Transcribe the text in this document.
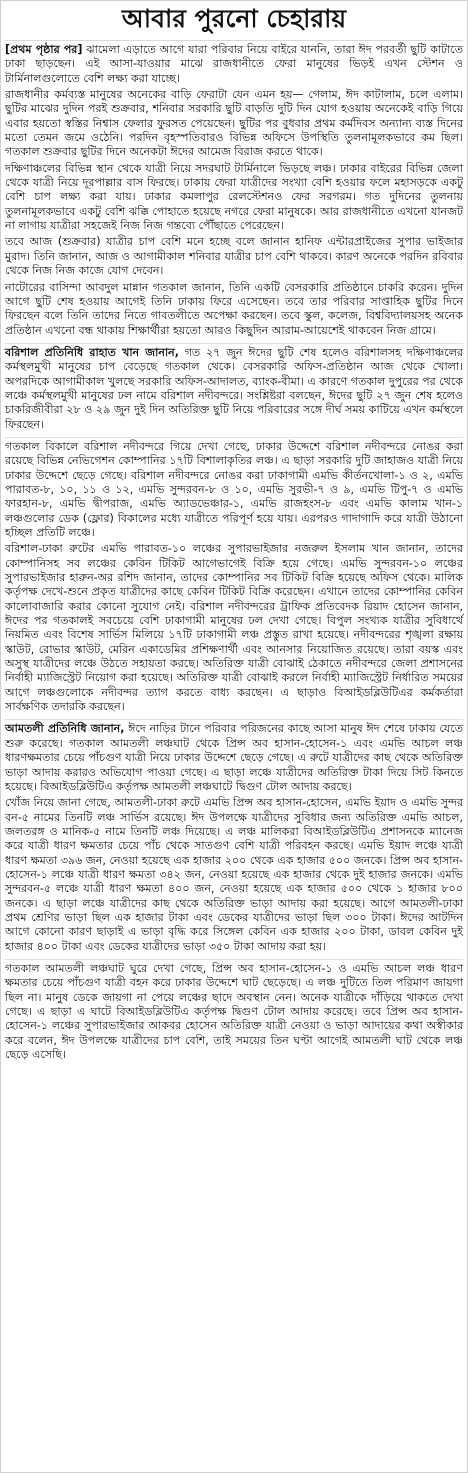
আবার পুরনো চেহারায়

[প্রথম পৃষ্ঠার পর] ঝামেলা এড়াতে আগে যারা পরিবার নিয়ে বাইরে যাননি, তারা ঈদ পরবর্তী ছুটি কাটাতে ঢাকা ছাড়ছেন। এই আসা-যাওয়ার মাঝে রাজধানীতে ফেরা মানুষের ভিড়ই এখন স্টেশন ও টার্মিনালগুলোতে বেশি লক্ষ্য করা যাচ্ছে।

রাজধানীর কর্মব্যস্ত মানুষের অনেকের বাড়ি ফেরাটা যেন এমন হয়— গেলাম, ঈদ কাটালাম, চলে এলাম। ছুটির মাঝের দুদিন পরই শুক্রবার, শনিবার সরকারি ছুটি বাড়তি দুটি দিন যোগ হওয়ায় অনেকেই বাড়ি গিয়ে এবার হয়তো স্বস্তির নিশ্বাস ফেলার ফুরসত পেয়েছেন। ছুটির পর বুধবার প্রথম কর্মদিবস অন্যান্য ব্যস্ত দিনের মতো তেমন জমে ওঠেনি। পরদিন বৃহস্পতিবারও বিভিন্ন অফিসে উপস্থিতি তুলনামূলকভাবে কম ছিল। গতকাল শুক্রবার ছুটির দিনে অনেকটা ঈদের আমেজ বিরাজ করতে থাকে।

দক্ষিণাঞ্চলের বিভিন্ন স্থান থেকে যাত্রী নিয়ে সদরঘাট টার্মিনালে ভিড়ছে লঞ্চ। ঢাকার বাইরের বিভিন্ন জেলা থেকে যাত্রী নিয়ে দূরপাল্লার বাস ফিরছে। ঢাকায় ফেরা যাত্রীদের সংখ্যা বেশি হওয়ার ফলে মহাসড়কে একটু বেশি চাপ লক্ষ্য করা যায়। ঢাকার কমলাপুর রেলস্টেশনও ফের সরগরম। গত দুদিনের তুলনায় তুলনামূলকভাবে একটু বেশি ঝক্কি পোহাতে হয়েছে নগরে ফেরা মানুষকে। আর রাজধানীতে এখনো যানজট না লাগায় যাত্রীরা সহজেই নিজ নিজ গন্তব্যে পৌঁছাতে পেরেছেন।

তবে আজ (শুক্রবার) যাত্রীর চাপ বেশি মনে হচ্ছে বলে জানান হানিফ এন্টারপ্রাইজের সুপার ভাইজার মুরাদ। তিনি জানান, আজ ও আগামীকাল শনিবার যাত্রীর চাপ বেশি থাকবে। কারণ অনেকে পরদিন রবিবার থেকে নিজ নিজ কাজে যোগ দেবেন।

নাটোরের বাসিন্দা আবদুল মান্নান গতকাল জানান, তিনি একটি বেসরকারি প্রতিষ্ঠানে চাকরি করেন। দুদিন আগে ছুটি শেষ হওয়ায় আগেই তিনি ঢাকায় ফিরে এসেছেন। তবে তার পরিবার সাপ্তাহিক ছুটির দিনে ফিরছেন বলে তিনি তাদের নিতে গাবতলীতে অপেক্ষা করছেন। তবে স্কুল, কলেজ, বিশ্ববিদ্যালয়সহ অনেক প্রতিষ্ঠান এখনো বন্ধ থাকায় শিক্ষার্থীরা হয়তো আরও কিছুদিন আরাম-আয়েশেই থাকবেন নিজ গ্রামে।

বরিশাল প্রতিনিধি রাহাত খান জানান, গত ২৭ জুন ঈদের ছুটি শেষ হলেও বরিশালসহ দক্ষিণাঞ্চলের কর্মস্থলমুখী মানুষের চাপ বেড়েছে গতকাল থেকে। বেসরকারি অফিস-প্রতিষ্ঠান আজ থেকে খোলা। অপরদিকে আগামীকাল খুলছে সরকারি অফিস-আদালত, ব্যাংক-বীমা। এ কারণে গতকাল দুপুরের পর থেকে লঞ্চে কর্মস্থলমুখী মানুষের ঢল নামে বরিশাল নদীবন্দরে। সংশ্লিষ্টরা বলছেন, ঈদের ছুটি ২৭ জুন শেষ হলেও চাকরিজীবীরা ২৮ ও ২৯ জুন দুই দিন অতিরিক্ত ছুটি নিয়ে পরিবারের সঙ্গে দীর্ঘ সময় কাটিয়ে এখন কর্মস্থলে ফিরছেন।

গতকাল বিকালে বরিশাল নদীবন্দরে গিয়ে দেখা গেছে, ঢাকার উদ্দেশে বরিশাল নদীবন্দরে নোঙর করা রয়েছে বিভিন্ন নেভিগেশন কোম্পানির ১৭টি বিশালাকৃতির লঞ্চ। এ ছাড়া সরকারি দুটি জাহাজও যাত্রী নিয়ে ঢাকার উদ্দেশে ছেড়ে গেছে। বরিশাল নদীবন্দরে নোঙর করা ঢাকাগামী এমভি কীর্তনখোলা-১ ও ২, এমভি পারাবত-৮, ১০, ১১ ও ১২, এমভি সুন্দরবন-৮ ও ১০, এমভি সুরভী-৭ ও ৯, এমভি টিপু-৭ ও এমভি ফারহান-৮, এমভি দ্বীপরাজ, এমভি অ্যাডভেঞ্চার-১, এমভি রাজহংস-৮ এবং এমভি কালাম খান-১ লঞ্চগুলোর ডেক (ফ্লোর) বিকালের মধ্যে যাত্রীতে পরিপূর্ণ হয়ে যায়। এরপরও গাদাগাদি করে যাত্রী উঠানো হচ্ছিল প্রতিটি লঞ্চে।

বরিশাল-ঢাকা রুটের এমভি পারাবত-১০ লঞ্চের সুপারভাইজার নজরুল ইসলাম খান জানান, তাদের কোম্পানিসহ সব লঞ্চের কেবিন টিকিট আগেভাগেই বিক্রি হয়ে গেছে। এমভি সুন্দরবন-১০ লঞ্চের সুপারভাইজার হারুন-অর রশিদ জানান, তাদের কোম্পানির সব টিকিট বিক্রি হয়েছে অফিস থেকে। মালিক কর্তৃপক্ষ দেখে-শুনে প্রকৃত যাত্রীদের কাছে কেবিন টিকিট বিক্রি করেছেন। এখানে তাদের কোম্পানির কেবিন কালোবাজারি করার কোনো সুযোগ নেই। বরিশাল নদীবন্দরের ট্রাফিক প্রতিবেদক রিয়াদ হোসেন জানান, ঈদের পর গতকালই সবচেয়ে বেশি ঢাকাগামী মানুষের ঢল দেখা গেছে। বিপুল সংখ্যক যাত্রীর সুবিধার্থে নিয়মিত এবং বিশেষ সার্ভিস মিলিয়ে ১৭টি ঢাকাগামী লঞ্চ প্রস্তুত রাখা হয়েছে। নদীবন্দরের শৃঙ্খলা রক্ষায় স্কাউট, রোভার স্কাউট, মেরিন একাডেমির প্রশিক্ষণার্থী এবং আনসার নিয়োজিত রয়েছে। তারা বয়স্ক এবং অসুস্থ যাত্রীদের লঞ্চে উঠতে সহায়তা করছে। অতিরিক্ত যাত্রী বোঝাই ঠেকাতে নদীবন্দরে জেলা প্রশাসনের নির্বাহী ম্যাজিস্ট্রেট নিয়োগ করা হয়েছে। অতিরিক্ত যাত্রী বোঝাই করলে নির্বাহী ম্যাজিস্ট্রেট নির্ধারিত সময়ের আগে লঞ্চগুলোকে নদীবন্দর ত্যাগ করতে বাধ্য করছেন। এ ছাড়াও বিআইডব্লিউটিএর কর্মকর্তারা সার্বক্ষণিক তদারকি করছেন।

আমতলী প্রতিনিধি জানান, ঈদে নাড়ির টানে পরিবার পরিজনের কাছে আসা মানুষ ঈদ শেষে ঢাকায় যেতে শুরু করেছে। গতকাল আমতলী লঞ্চঘাট থেকে প্রিন্স অব হাসান-হোসেন-১ এবং এমভি আচল লঞ্চ ধারণক্ষমতার চেয়ে পাঁচগুণ যাত্রী নিয়ে ঢাকার উদ্দেশে ছেড়ে গেছে। এ রুটে যাত্রীদের কাছ থেকে অতিরিক্ত ভাড়া আদায় করারও অভিযোগ পাওয়া গেছে। এ ছাড়া লঞ্চে যাত্রীদের অতিরিক্ত টাকা দিয়ে সিট কিনতে হয়েছে। বিআইডব্লিউটিএ কর্তৃপক্ষ আমতলী লঞ্চঘাটে দ্বিগুণ টোল আদায় করছে।

খোঁজ নিয়ে জানা গেছে, আমতলী-ঢাকা রুটে এমভি প্রিন্স অব হাসান-হোসেন, এমভি ইয়াদ ও এমভি সুন্দর বন-৫ নামের তিনটি লঞ্চ সার্ভিস রয়েছে। ঈদ উপলক্ষে যাত্রীদের সুবিধার জন্য অতিরিক্ত এমভি আচল, জলতরঙ্গ ও মানিক-৫ নামে তিনটি লঞ্চ দিয়েছে। এ লঞ্চ মালিকরা বিআইডব্লিউটিএ প্রশাসনকে ম্যানেজ করে যাত্রী ধারণ ক্ষমতার চেয়ে পাঁচ থেকে সাতগুণ বেশি যাত্রী পরিবহন করছে। এমভি ইয়াদ লঞ্চে যাত্রী ধারণ ক্ষমতা ৩৯৬ জন, নেওয়া হয়েছে এক হাজার ২০০ থেকে এক হাজার ৫০০ জনকে। প্রিন্স অব হাসান-হোসেন-১ লঞ্চে যাত্রী ধারণ ক্ষমতা ৩৪২ জন, নেওয়া হয়েছে এক হাজার থেকে দুই হাজার জনকে। এমভি সুন্দরবন-৫ লঞ্চে যাত্রী ধারণ ক্ষমতা ৪০০ জন, নেওয়া হয়েছে এক হাজার ৫০০ থেকে ১ হাজার ৮০০ জনকে। এ ছাড়া লঞ্চে যাত্রীদের কাছ থেকে অতিরিক্ত ভাড়া আদায় করা হয়েছে। আগে আমতলী-ঢাকা প্রথম শ্রেণির ভাড়া ছিল এক হাজার টাকা এবং ডেকের যাত্রীদের ভাড়া ছিল ৩০০ টাকা। ঈদের আটদিন আগে কোনো কারণ ছাড়াই এ ভাড়া বৃদ্ধি করে সিঙ্গেল কেবিন এক হাজার ২০০ টাকা, ডাবল কেবিন দুই হাজার ৪০০ টাকা এবং ডেকের যাত্রীদের ভাড়া ৩৫০ টাকা আদায় করা হয়।

গতকাল আমতলী লঞ্চঘাট ঘুরে দেখা গেছে, প্রিন্স অব হাসান-হোসেন-১ ও এমভি আচল লঞ্চ ধারণ ক্ষমতার চেয়ে পাঁচগুণ যাত্রী বহন করে ঢাকার উদ্দেশে ঘাট ছেড়েছে। এ লঞ্চ দুটিতে তিল পরিমাণ জায়গা ছিল না। মানুষ ডেকে জায়গা না পেয়ে লঞ্চের ছাদে অবস্থান নেন। অনেক যাত্রীকে দাঁড়িয়ে থাকতে দেখা গেছে। এ ছাড়া এ ঘাটে বিআইডব্লিউটিএ কর্তৃপক্ষ দ্বিগুণ টোল আদায় করেছে। তবে প্রিন্স অব হাসান-হোসেন-১ লঞ্চের সুপারভাইজার আকবর হোসেন অতিরিক্ত যাত্রী নেওয়া ও ভাড়া আদায়ের কথা অস্বীকার করে বলেন, ঈদ উপলক্ষে যাত্রীদের চাপ বেশি, তাই সময়ের তিন ঘণ্টা আগেই আমতলী ঘাট থেকে লঞ্চ ছেড়ে এসেছি।
